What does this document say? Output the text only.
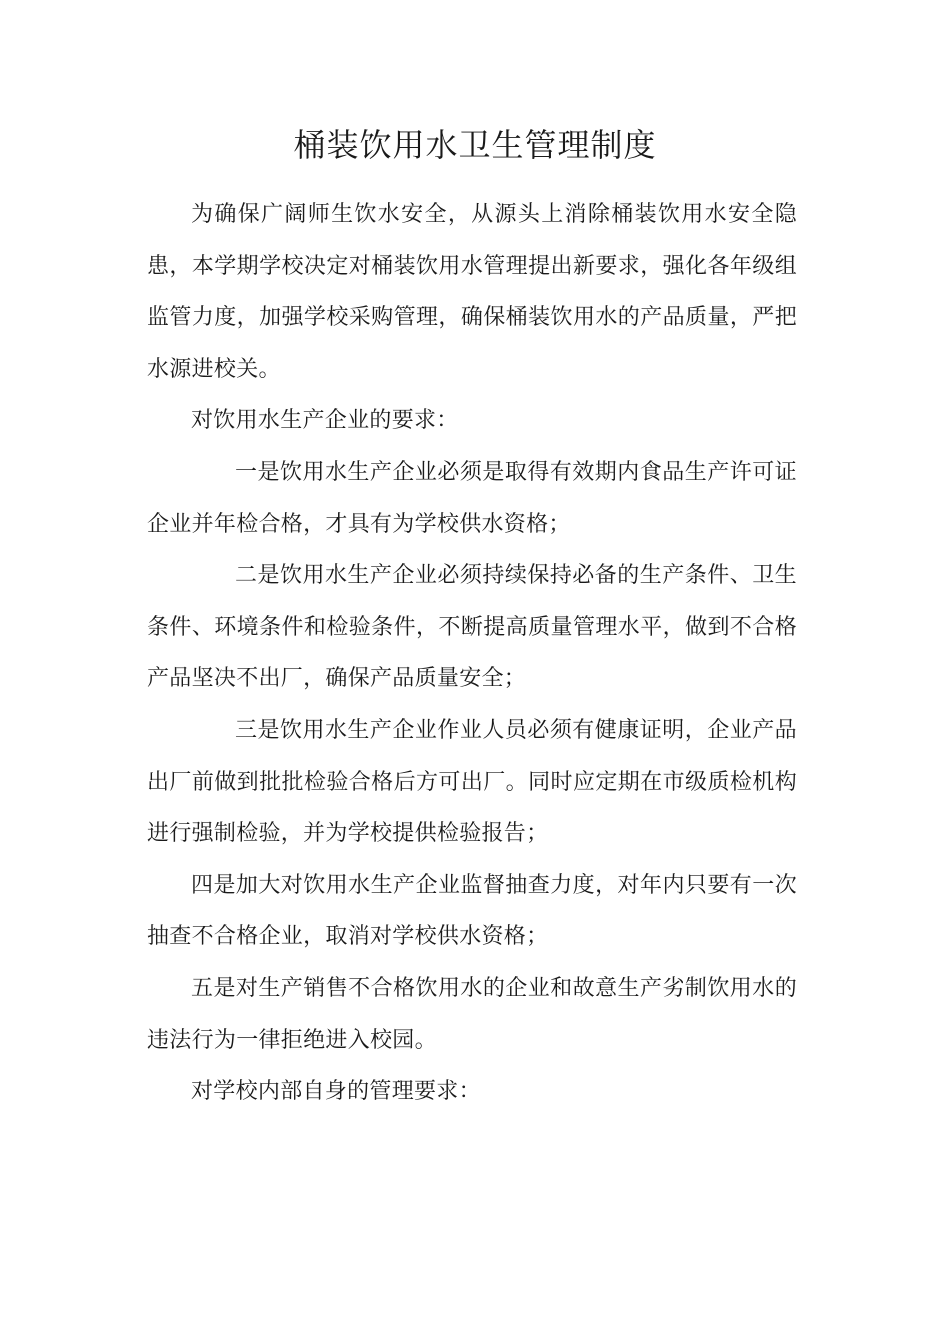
桶装饮用水卫生管理制度

为确保广阔师生饮水安全，从源头上消除桶装饮用水安全隐患，本学期学校决定对桶装饮用水管理提出新要求，强化各年级组监管力度，加强学校采购管理，确保桶装饮用水的产品质量，严把水源进校关。

对饮用水生产企业的要求：

一是饮用水生产企业必须是取得有效期内食品生产许可证企业并年检合格，才具有为学校供水资格；

二是饮用水生产企业必须持续保持必备的生产条件、卫生条件、环境条件和检验条件，不断提高质量管理水平，做到不合格产品坚决不出厂，确保产品质量安全；

三是饮用水生产企业作业人员必须有健康证明，企业产品出厂前做到批批检验合格后方可出厂。同时应定期在市级质检机构进行强制检验，并为学校提供检验报告；

四是加大对饮用水生产企业监督抽查力度，对年内只要有一次抽查不合格企业，取消对学校供水资格；

五是对生产销售不合格饮用水的企业和故意生产劣制饮用水的违法行为一律拒绝进入校园。

对学校内部自身的管理要求：
